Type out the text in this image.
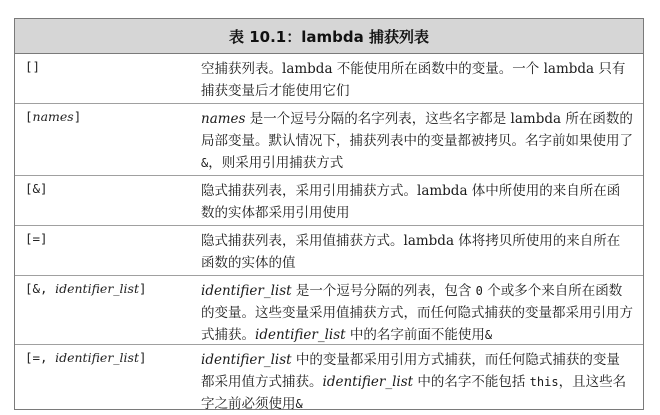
表 10.1：lambda 捕获列表
[]	空捕获列表。lambda 不能使用所在函数中的变量。一个 lambda 只有捕获变量后才能使用它们
[names]	names 是一个逗号分隔的名字列表，这些名字都是 lambda 所在函数的局部变量。默认情况下，捕获列表中的变量都被拷贝。名字前如果使用了&，则采用引用捕获方式
[&]	隐式捕获列表，采用引用捕获方式。lambda 体中所使用的来自所在函数的实体都采用引用使用
[=]	隐式捕获列表，采用值捕获方式。lambda 体将拷贝所使用的来自所在函数的实体的值
[&, identifier_list]	identifier_list 是一个逗号分隔的列表，包含 0 个或多个来自所在函数的变量。这些变量采用值捕获方式，而任何隐式捕获的变量都采用引用方式捕获。identifier_list 中的名字前面不能使用&
[=, identifier_list]	identifier_list 中的变量都采用引用方式捕获，而任何隐式捕获的变量都采用值方式捕获。identifier_list 中的名字不能包括 this，且这些名字之前必须使用&
